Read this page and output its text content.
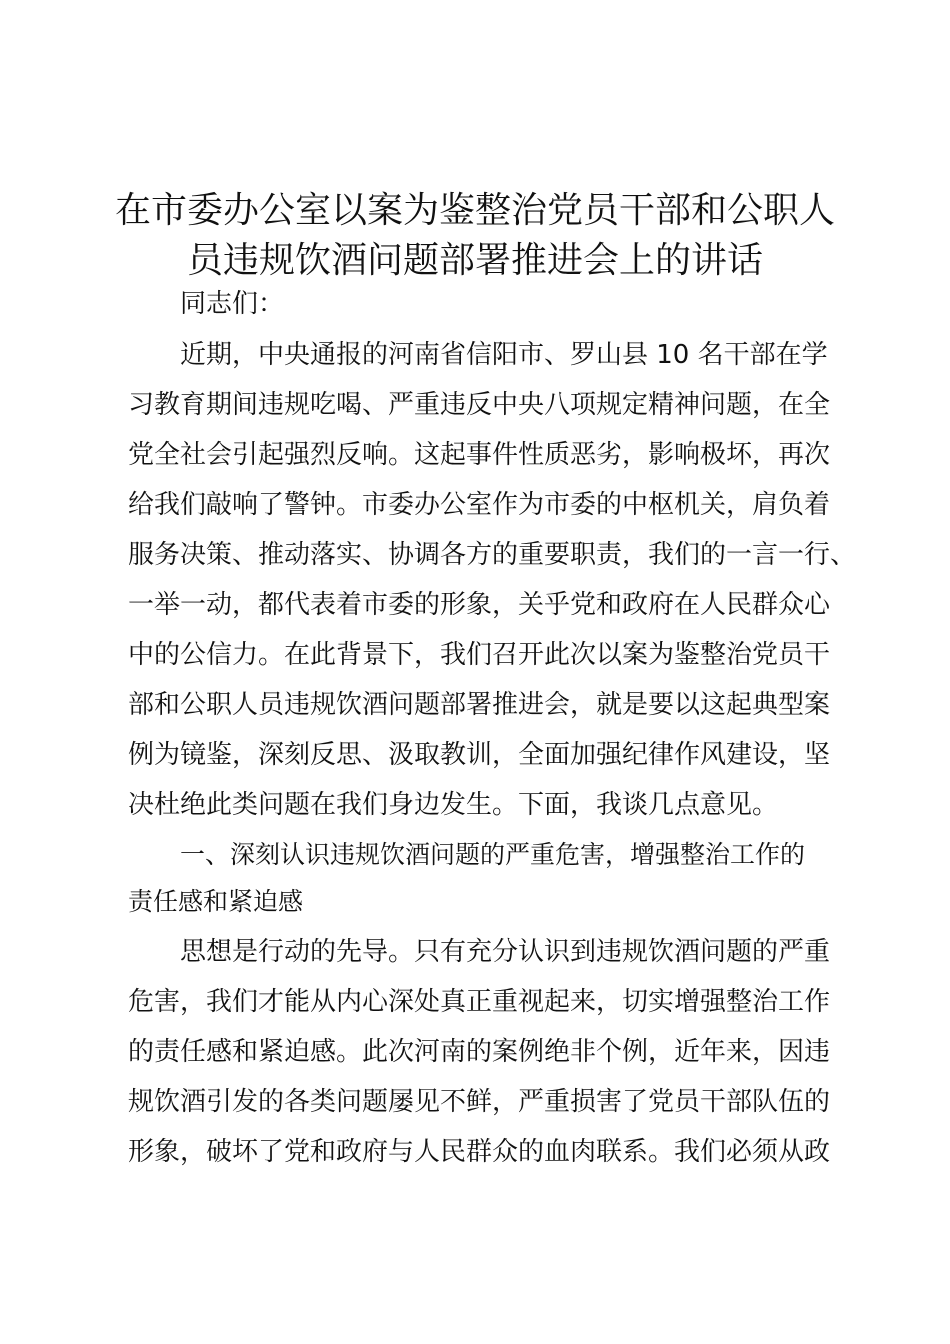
在市委办公室以案为鉴整治党员干部和公职人
员违规饮酒问题部署推进会上的讲话
同志们：
近期，中央通报的河南省信阳市、罗山县 10 名干部在学
习教育期间违规吃喝、严重违反中央八项规定精神问题，在全
党全社会引起强烈反响。这起事件性质恶劣，影响极坏，再次
给我们敲响了警钟。市委办公室作为市委的中枢机关，肩负着
服务决策、推动落实、协调各方的重要职责，我们的一言一行、
一举一动，都代表着市委的形象，关乎党和政府在人民群众心
中的公信力。在此背景下，我们召开此次以案为鉴整治党员干
部和公职人员违规饮酒问题部署推进会，就是要以这起典型案
例为镜鉴，深刻反思、汲取教训，全面加强纪律作风建设，坚
决杜绝此类问题在我们身边发生。下面，我谈几点意见。
一、深刻认识违规饮酒问题的严重危害，增强整治工作的
责任感和紧迫感
思想是行动的先导。只有充分认识到违规饮酒问题的严重
危害，我们才能从内心深处真正重视起来，切实增强整治工作
的责任感和紧迫感。此次河南的案例绝非个例，近年来，因违
规饮酒引发的各类问题屡见不鲜，严重损害了党员干部队伍的
形象，破坏了党和政府与人民群众的血肉联系。我们必须从政
